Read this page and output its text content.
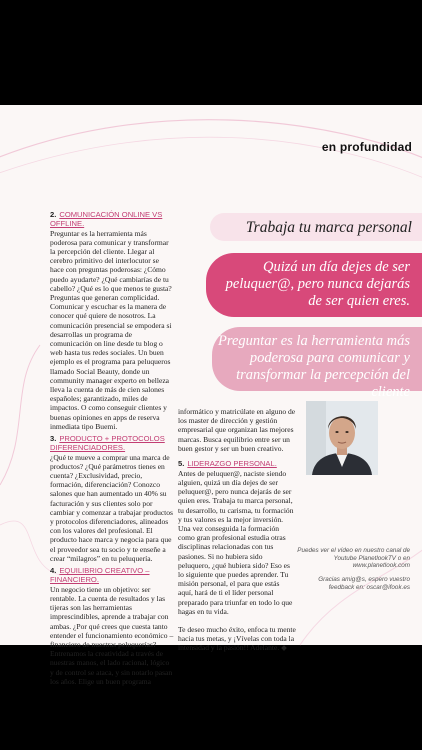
en profundidad
2. COMUNICACIÓN ONLINE VS OFFLINE.

Preguntar es la herramienta más poderosa para comunicar y transformar la percepción del cliente. Llegar al cerebro primitivo del interlocutor se hace con preguntas poderosas: ¿Cómo puedo ayudarte? ¿Qué cambiarías de tu cabello? ¿Qué es lo que menos te gusta? Preguntas que generan complicidad. Comunicar y escuchar es la manera de conocer qué quiere de nosotros. La comunicación presencial se empodera si desarrollas un programa de comunicación on line desde tu blog o web hasta tus redes sociales. Un buen ejemplo es el programa para peluqueros llamado Social Beauty, donde un community manager experto en belleza lleva la cuenta de más de cien salones españoles; garantizado, miles de impactos. O como conseguir clientes y buenas opiniones en apps de reserva inmediata tipo Buemi.

3. PRODUCTO + PROTOCOLOS DIFERENCIADORES.

¿Qué te mueve a comprar una marca de productos? ¿Qué parámetros tienes en cuenta? ¿Exclusividad, precio, formación, diferenciación? Conozco salones que han aumentado un 40% su facturación y sus clientes solo por cambiar y comenzar a trabajar productos y protocolos diferenciadores, alineados con los valores del profesional. El producto hace marca y negocia para que el proveedor sea tu socio y te enseñe a crear “milagros” en tu peluquería.

4. EQUILIBRIO CREATIVO – FINANCIERO.

Un negocio tiene un objetivo: ser rentable. La cuenta de resultados y las tijeras son las herramientas imprescindibles, aprende a trabajar con ambas. ¿Por qué crees que cuesta tanto entender el funcionamiento económico – financiero de nuestras peluquerías? Entrenamos la creatividad a través de nuestras manos, el lado racional, lógico y de control se ataca, y sin notarlo pasan los años. Elige un buen programa

Trabaja tu marca personal
Quizá un día dejes de ser peluquer@, pero nunca dejarás de ser quien eres.
Preguntar es la herramienta más poderosa para comunicar y transformar la percepción del cliente

informático y matricúlate en alguno de los master de dirección y gestión empresarial que organizan las mejores marcas. Busca equilibrio entre ser un buen gestor y ser un buen creativo.

5. LIDERAZGO PERSONAL.

Antes de peluquer@, naciste siendo alguien, quizá un día dejes de ser peluquer@, pero nunca dejarás de ser quien eres. Trabaja tu marca personal, tu desarrollo, tu carisma, tu formación y tus valores es la mejor inversión. Una vez conseguida la formación como gran profesional estudia otras disciplinas relacionadas con tus pasiones. Si no hubiera sido peluquero, ¿qué hubiera sido? Eso es lo siguiente que puedes aprender. Tu misión personal, el para que estás aquí, hará de ti el líder personal preparado para triunfar en todo lo que hagas en tu vida.

Te deseo mucho éxito, enfoca tu mente hacia tus metas, y ¡Vívelas con toda la intensidad y la pasión!! Adelante. ◆

Puedes ver el vídeo en nuestro canal de Youtube PlanetlookTV o en www.planetlook.com

Gracias amig@s, espero vuestro feedback en: oscar@ifook.es
